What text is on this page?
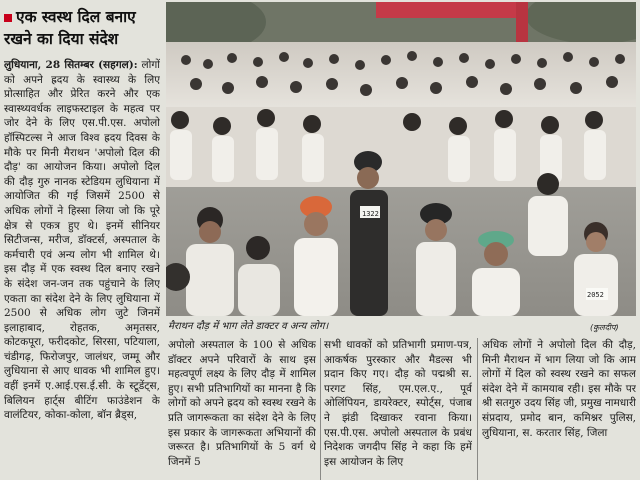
एक स्वस्थ दिल बनाए
रखने का दिया संदेश

लुधियाना, 28 सितम्बर (सहगल): लोगों को अपने ह्रदय के स्वास्थ्य के लिए प्रोत्साहित और प्रेरित करने और एक स्वास्थ्यवर्धक लाइफस्टाइल के महत्व पर जोर देने के लिए एस.पी.एस. अपोलो हॉस्पिटल्स ने आज विश्व ह्रदय दिवस के मौके पर मिनी मैराथन 'अपोलो दिल की दौड़' का आयोजन किया। अपोलो दिल की दौड़ गुरु नानक स्टेडियम लुधियाना में आयोजित की गई जिसमें 2500 से अधिक लोगों ने हिस्सा लिया जो कि पूरे क्षेत्र से एकत्र हुए थे। इनमें सीनियर सिटीजन्स, मरीज, डॉक्टर्स, अस्पताल के कर्मचारी एवं अन्य लोग भी शामिल थे। इस दौड़ में एक स्वस्थ दिल बनाए रखने के संदेश जन-जन तक पहुंचाने के लिए एकता का संदेश देने के लिए लुधियाना में 2500 से अधिक लोग जुटे जिनमें इलाहाबाद, रोहतक, अमृतसर, कोटकपूरा, फरीदकोट, सिरसा, पटियाला, चंडीगढ़, फिरोजपुर, जालंधर, जम्मू और लुधियाना से आए धावक भी शामिल हुए। वहीं इनमें ए.आई.एस.ई.सी. के स्टूडेंट्स, बिलियन हार्ट्स बीटिंग फाउंडेशन के वालंटियर, कोका-कोला, बॉन ब्रैड्स,

1322
2052
मैराथन दौड़ में भाग लेते डाक्टर व अन्य लोग।	(कुलदीप)

अपोलो अस्पताल के 100 से अधिक डॉक्टर अपने परिवारों के साथ इस महत्वपूर्ण लक्ष्य के लिए दौड़ में शामिल हुए। सभी प्रतिभागियों का मानना है कि लोगों को अपने ह्रदय को स्वस्थ रखने के प्रति जागरूकता का संदेश देने के लिए इस प्रकार के जागरूकता अभियानों की जरूरत है। प्रतिभागियों के 5 वर्ग थे जिनमें 5

सभी धावकों को प्रतिभागी प्रमाण-पत्र, आकर्षक पुरस्कार और मैडल्स भी प्रदान किए गए। दौड़ को पद्मश्री स. परगट सिंह, एम.एल.ए., पूर्व ओलिंपियन, डायरेक्टर, स्पोर्ट्स, पंजाब ने झंडी दिखाकर रवाना किया। एस.पी.एस. अपोलो अस्पताल के प्रबंध निदेशक जगदीप सिंह ने कहा कि हमें इस आयोजन के लिए

अधिक लोगों ने अपोलो दिल की दौड़, मिनी मैराथन में भाग लिया जो कि आम लोगों में दिल को स्वस्थ रखने का सफल संदेश देने में कामयाब रही। इस मौके पर श्री सतगुरु उदय सिंह जी, प्रमुख नामधारी संप्रदाय, प्रमोद बान, कमिश्नर पुलिस, लुधियाना, स. करतार सिंह, जिला
